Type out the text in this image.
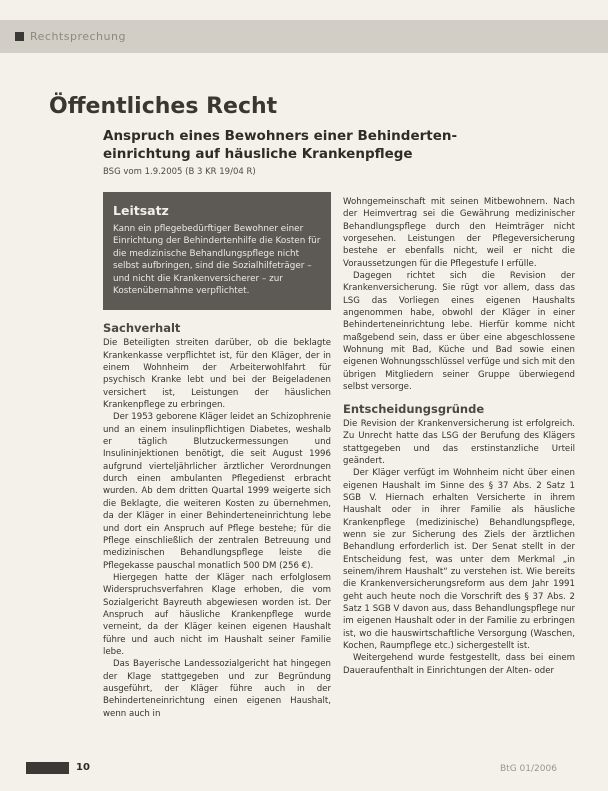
Rechtsprechung
Öffentliches Recht
Anspruch eines Bewohners einer Behinderten-einrichtung auf häusliche Krankenpflege
BSG vom 1.9.2005 (B 3 KR 19/04 R)
Leitsatz
Kann ein pflegebedürftiger Bewohner einer Einrichtung der Behindertenhilfe die Kosten für die medizinische Behandlungspflege nicht selbst aufbringen, sind die Sozialhilfeträger – und nicht die Krankenversicherer – zur Kostenübernahme verpflichtet.
Sachverhalt

Die Beteiligten streiten darüber, ob die beklagte Krankenkasse verpflichtet ist, für den Kläger, der in einem Wohnheim der Arbeiterwohlfahrt für psychisch Kranke lebt und bei der Beigeladenen versichert ist, Leistungen der häuslichen Krankenpflege zu erbringen.

Der 1953 geborene Kläger leidet an Schizophrenie und an einem insulinpflichtigen Diabetes, weshalb er täglich Blutzuckermessungen und Insulininjektionen benötigt, die seit August 1996 aufgrund vierteljährlicher ärztlicher Verordnungen durch einen ambulanten Pflegedienst erbracht wurden. Ab dem dritten Quartal 1999 weigerte sich die Beklagte, die weiteren Kosten zu übernehmen, da der Kläger in einer Behinderteneinrichtung lebe und dort ein Anspruch auf Pflege bestehe; für die Pflege einschließlich der zentralen Betreuung und medizinischen Behandlungspflege leiste die Pflegekasse pauschal monatlich 500 DM (256 €).

Hiergegen hatte der Kläger nach erfolglosem Widerspruchsverfahren Klage erhoben, die vom Sozialgericht Bayreuth abgewiesen worden ist. Der Anspruch auf häusliche Krankenpflege wurde verneint, da der Kläger keinen eigenen Haushalt führe und auch nicht im Haushalt seiner Familie lebe.

Das Bayerische Landessozialgericht hat hingegen der Klage stattgegeben und zur Begründung ausgeführt, der Kläger führe auch in der Behinderteneinrichtung einen eigenen Haushalt, wenn auch in

Wohngemeinschaft mit seinen Mitbewohnern. Nach der Heimvertrag sei die Gewährung medizinischer Behandlungspflege durch den Heimträger nicht vorgesehen. Leistungen der Pflegeversicherung bestehe er ebenfalls nicht, weil er nicht die Voraussetzungen für die Pflegestufe I erfülle.

Dagegen richtet sich die Revision der Krankenversicherung. Sie rügt vor allem, dass das LSG das Vorliegen eines eigenen Haushalts angenommen habe, obwohl der Kläger in einer Behinderteneinrichtung lebe. Hierfür komme nicht maßgebend sein, dass er über eine abgeschlossene Wohnung mit Bad, Küche und Bad sowie einen eigenen Wohnungsschlüssel verfüge und sich mit den übrigen Mitgliedern seiner Gruppe überwiegend selbst versorge.

Entscheidungsgründe

Die Revision der Krankenversicherung ist erfolgreich. Zu Unrecht hatte das LSG der Berufung des Klägers stattgegeben und das erstinstanzliche Urteil geändert.

Der Kläger verfügt im Wohnheim nicht über einen eigenen Haushalt im Sinne des § 37 Abs. 2 Satz 1 SGB V. Hiernach erhalten Versicherte in ihrem Haushalt oder in ihrer Familie als häusliche Krankenpflege (medizinische) Behandlungspflege, wenn sie zur Sicherung des Ziels der ärztlichen Behandlung erforderlich ist. Der Senat stellt in der Entscheidung fest, was unter dem Merkmal „in seinem/ihrem Haushalt“ zu verstehen ist. Wie bereits die Krankenversicherungsreform aus dem Jahr 1991 geht auch heute noch die Vorschrift des § 37 Abs. 2 Satz 1 SGB V davon aus, dass Behandlungspflege nur im eigenen Haushalt oder in der Familie zu erbringen ist, wo die hauswirtschaftliche Versorgung (Waschen, Kochen, Raumpflege etc.) sichergestellt ist.

Weitergehend wurde festgestellt, dass bei einem Daueraufenthalt in Einrichtungen der Alten- oder

10	BtG 01/2006
